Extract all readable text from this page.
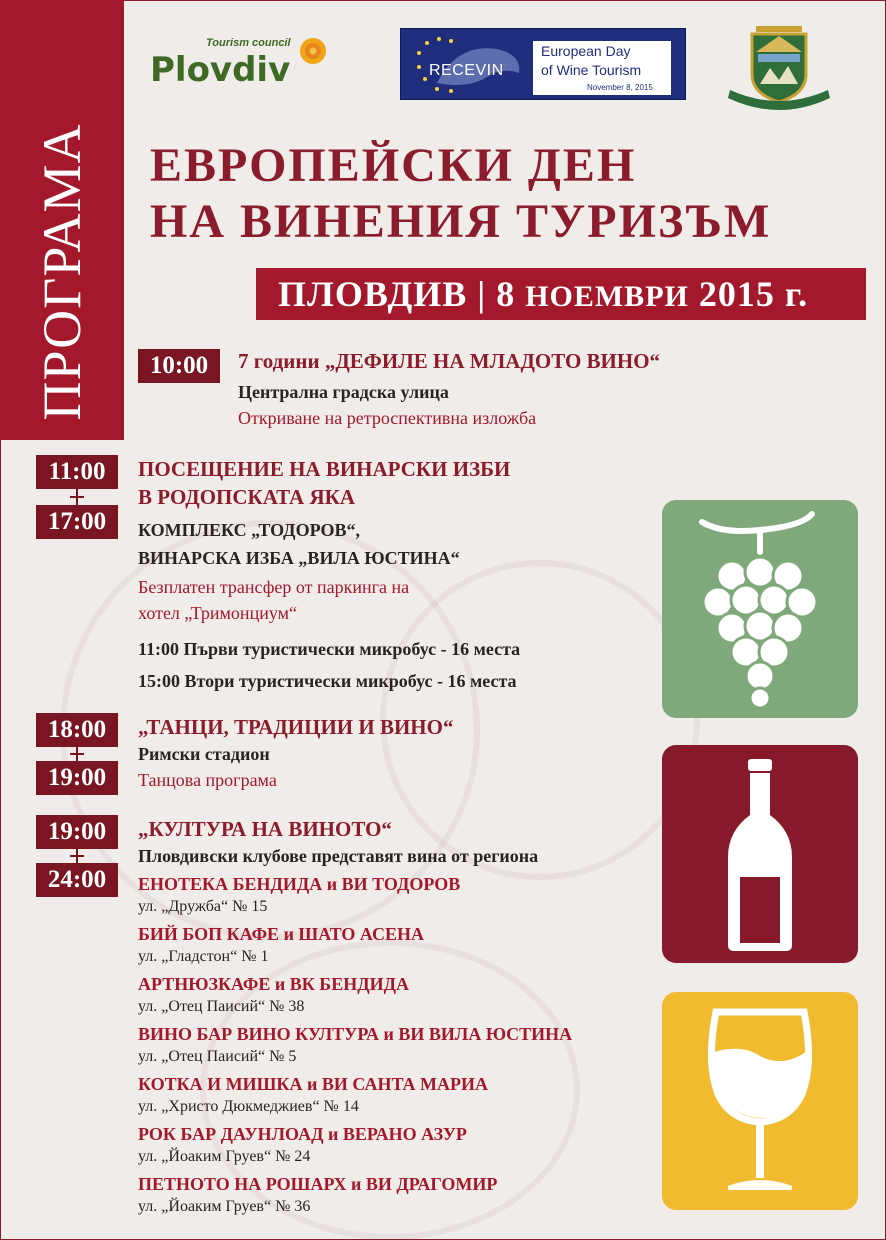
ПРОГРАМА
Tourism council
Plovdiv	RECEVIN
European Day
of Wine Tourism
November 8, 2015
ЕВРОПЕЙСКИ ДЕН
НА ВИНЕНИЯ ТУРИЗЪМ
ПЛОВДИВ | 8 НОЕМВРИ 2015 г.
10:00	7 години „ДЕФИЛЕ НА МЛАДОТО ВИНО“
Централна градска улица
Откриване на ретроспективна изложба
11:00
17:00
ПОСЕЩЕНИЕ НА ВИНАРСКИ ИЗБИ
В РОДОПСКАТА ЯКА
КОМПЛЕКС „ТОДОРОВ“,
ВИНАРСКА ИЗБА „ВИЛА ЮСТИНА“
Безплатен трансфер от паркинга на
хотел „Тримонциум“
11:00 Първи туристически микробус - 16 места
15:00 Втори туристически микробус - 16 места
18:00
19:00
„ТАНЦИ, ТРАДИЦИИ И ВИНО“
Римски стадион
Танцова програма
19:00
24:00
„КУЛТУРА НА ВИНОТО“
Пловдивски клубове представят вина от региона
ЕНОТЕКА БЕНДИДА и ВИ ТОДОРОВ
ул. „Дружба“ № 15
БИЙ БОП КАФЕ и ШАТО АСЕНА
ул. „Гладстон“ № 1
АРТНЮЗКАФЕ и ВК БЕНДИДА
ул. „Отец Паисий“ № 38
ВИНО БАР ВИНО КУЛТУРА и ВИ ВИЛА ЮСТИНА
ул. „Отец Паисий“ № 5
КОТКА И МИШКА и ВИ САНТА МАРИА
ул. „Христо Дюкмеджиев“ № 14
РОК БАР ДАУНЛОАД и ВЕРАНО АЗУР
ул. „Йоаким Груев“ № 24
ПЕТНОТО НА РОШАРХ и ВИ ДРАГОМИР
ул. „Йоаким Груев“ № 36
